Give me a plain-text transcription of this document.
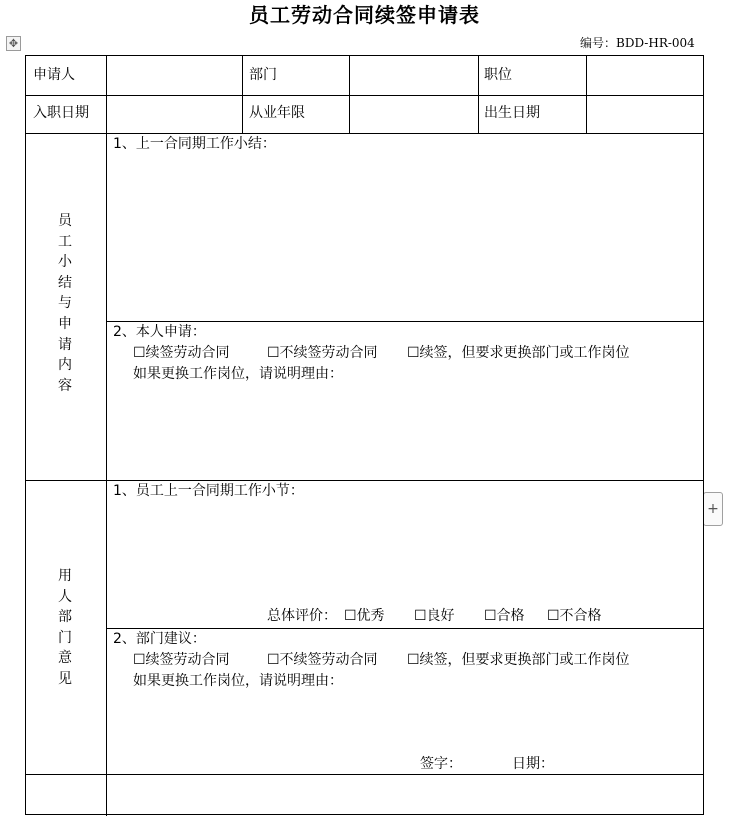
员工劳动合同续签申请表
✥	编号：BDD-HR-004
+
申请人	部门	职位
入职日期	从业年限	出生日期
员
工
小
结
与
申
请
内
容
1、上一合同期工作小结：
2、本人申请：
☐续签劳动合同	☐不续签劳动合同 ☐续签，但要求更换部门或工作岗位
如果更换工作岗位，请说明理由：
用
人
部
门
意
见
1、员工上一合同期工作小节：
总体评价： ☐优秀 ☐良好 ☐合格 ☐不合格
2、部门建议：
☐续签劳动合同	☐不续签劳动合同 ☐续签，但要求更换部门或工作岗位
如果更换工作岗位，请说明理由：
签字：	日期：
